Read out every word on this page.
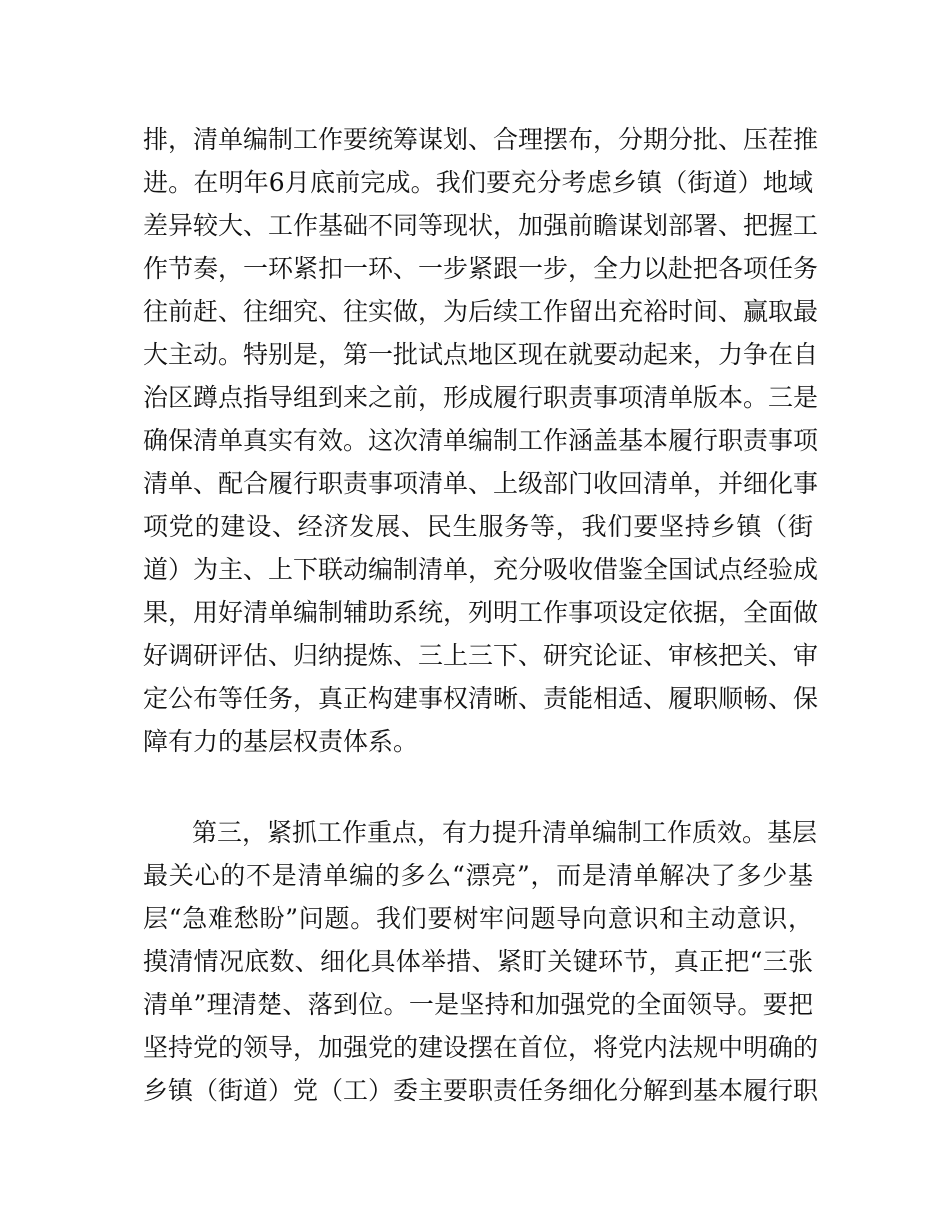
排，清单编制工作要统筹谋划、合理摆布，分期分批、压茬推
进。在明年6月底前完成。我们要充分考虑乡镇（街道）地域
差异较大、工作基础不同等现状，加强前瞻谋划部署、把握工
作节奏，一环紧扣一环、一步紧跟一步，全力以赴把各项任务
往前赶、往细究、往实做，为后续工作留出充裕时间、赢取最
大主动。特别是，第一批试点地区现在就要动起来，力争在自
治区蹲点指导组到来之前，形成履行职责事项清单版本。三是
确保清单真实有效。这次清单编制工作涵盖基本履行职责事项
清单、配合履行职责事项清单、上级部门收回清单，并细化事
项党的建设、经济发展、民生服务等，我们要坚持乡镇（街
道）为主、上下联动编制清单，充分吸收借鉴全国试点经验成
果，用好清单编制辅助系统，列明工作事项设定依据，全面做
好调研评估、归纳提炼、三上三下、研究论证、审核把关、审
定公布等任务，真正构建事权清晰、责能相适、履职顺畅、保
障有力的基层权责体系。
第三，紧抓工作重点，有力提升清单编制工作质效。基层
最关心的不是清单编的多么“漂亮”，而是清单解决了多少基
层“急难愁盼”问题。我们要树牢问题导向意识和主动意识，
摸清情况底数、细化具体举措、紧盯关键环节，真正把“三张
清单”理清楚、落到位。一是坚持和加强党的全面领导。要把
坚持党的领导，加强党的建设摆在首位，将党内法规中明确的
乡镇（街道）党（工）委主要职责任务细化分解到基本履行职
